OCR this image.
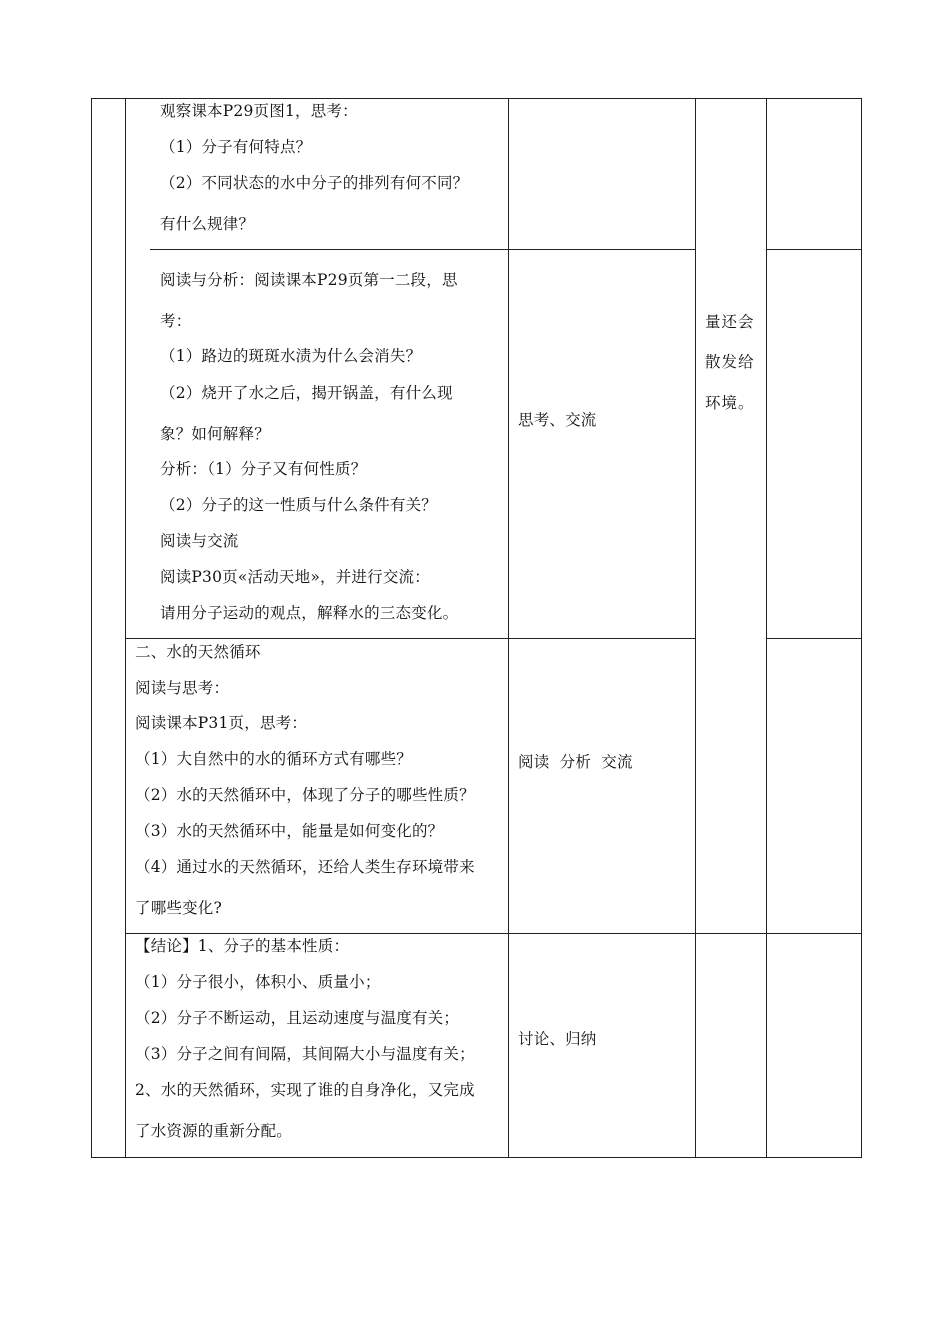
观察课本P29页图1，思考：
（1）分子有何特点？
（2）不同状态的水中分子的排列有何不同？
有什么规律？
阅读与分析：阅读课本P29页第一二段，思
考：
（1）路边的斑斑水渍为什么会消失？
（2）烧开了水之后，揭开锅盖，有什么现
象？如何解释？
分析：（1）分子又有何性质？
（2）分子的这一性质与什么条件有关？
阅读与交流
阅读P30页«活动天地»，并进行交流：
请用分子运动的观点，解释水的三态变化。
思考、交流
量还会
散发给
环境。
二、水的天然循环
阅读与思考：
阅读课本P31页，思考：
（1）大自然中的水的循环方式有哪些？
（2）水的天然循环中，体现了分子的哪些性质？
（3）水的天然循环中，能量是如何变化的？
（4）通过水的天然循环，还给人类生存环境带来
了哪些变化?
阅读  分析  交流
【结论】1、分子的基本性质：
（1）分子很小，体积小、质量小；
（2）分子不断运动，且运动速度与温度有关；
（3）分子之间有间隔，其间隔大小与温度有关；
2、水的天然循环，实现了谁的自身净化，又完成
了水资源的重新分配。
讨论、归纳
